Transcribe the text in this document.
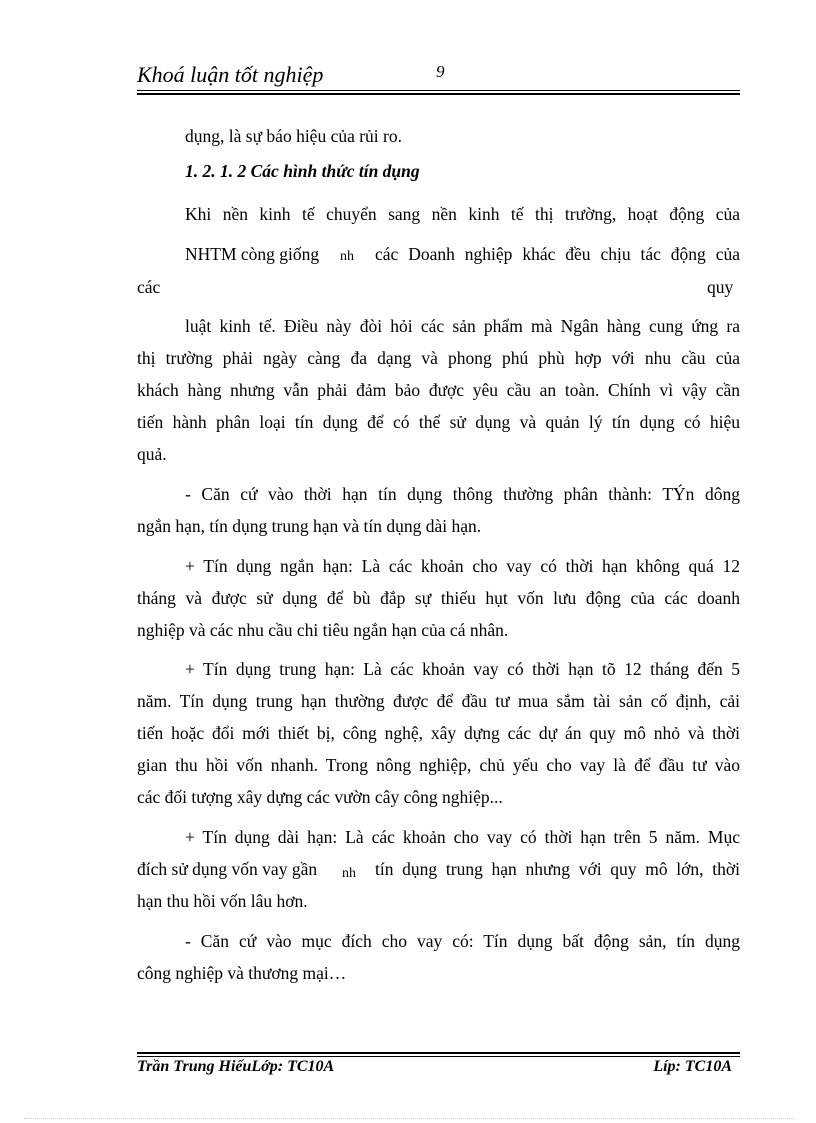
Khoá luận tốt nghiệp	9
dụng, là sự báo hiệu của rủi ro.
1. 2. 1. 2 Các hình thức tín dụng
Khi nền kinh tế chuyển sang nền kinh tế thị trường, hoạt động của
NHTM còng giống nh các Doanh nghiệp khác đều chịu tác động của
các	quy
luật kinh tế. Điều này đòi hỏi các sản phẩm mà Ngân hàng cung ứng ra
thị trường phải ngày càng đa dạng và phong phú phù hợp với nhu cầu của
khách hàng nhưng vẫn phải đảm bảo được yêu cầu an toàn. Chính vì vậy cần
tiến hành phân loại tín dụng để có thể sử dụng và quản lý tín dụng có hiệu
quả.
- Căn cứ vào thời hạn tín dụng thông thường phân thành: TÝn dông
ngắn hạn, tín dụng trung hạn và tín dụng dài hạn.
+ Tín dụng ngắn hạn: Là các khoản cho vay có thời hạn không quá 12
tháng và được sử dụng để bù đắp sự thiếu hụt vốn lưu động của các doanh
nghiệp và các nhu cầu chi tiêu ngắn hạn của cá nhân.
+ Tín dụng trung hạn: Là các khoản vay có thời hạn tõ 12 tháng đến 5
năm. Tín dụng trung hạn thường được để đầu tư mua sắm tài sản cố định, cải
tiến hoặc đổi mới thiết bị, công nghệ, xây dựng các dự án quy mô nhỏ và thời
gian thu hồi vốn nhanh. Trong nông nghiệp, chủ yếu cho vay là để đầu tư vào
các đối tượng xây dựng các vườn cây công nghiệp...
+ Tín dụng dài hạn: Là các khoản cho vay có thời hạn trên 5 năm. Mục
đích sử dụng vốn vay gần nh tín dụng trung hạn nhưng với quy mô lớn, thời
hạn thu hồi vốn lâu hơn.
- Căn cứ vào mục đích cho vay có: Tín dụng bất động sản, tín dụng
công nghiệp và thương mại…
Trần Trung HiếuLớp: TC10A	Líp: TC10A
